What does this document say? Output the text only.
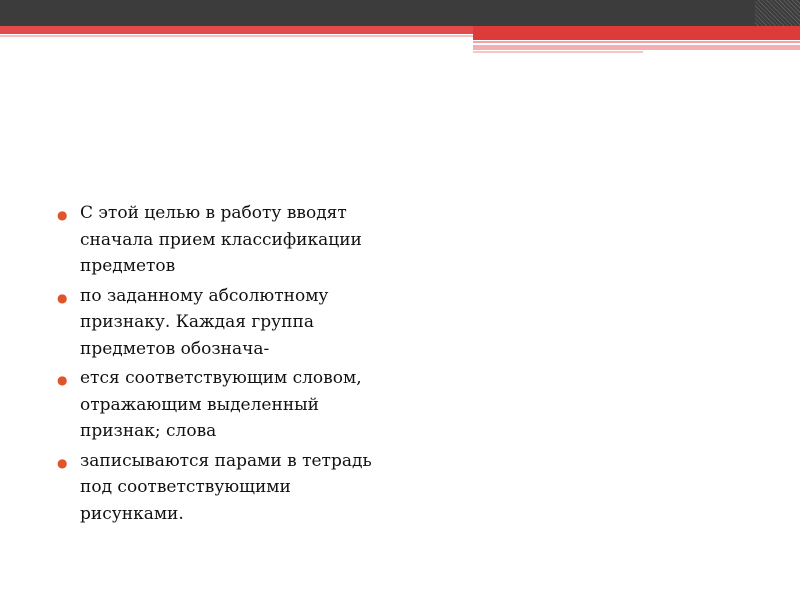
● С этой целью в работу вводят сначала прием классификации предметов
● по заданному абсолютному признаку. Каждая группа предметов обознача-
● ется соответствующим словом, отражающим выделенный признак; слова
● записываются парами в тетрадь под соответствующими рисунками.
